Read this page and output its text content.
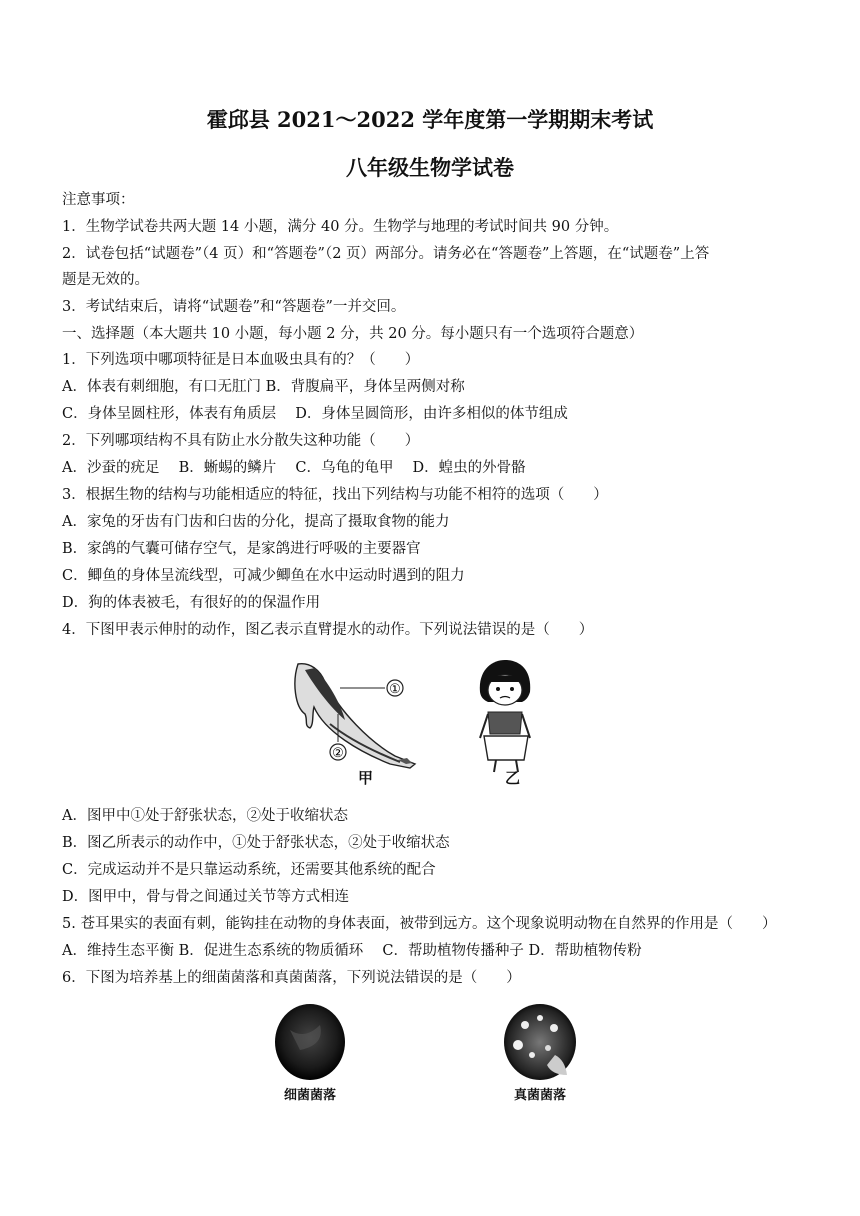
霍邱县 2021～2022 学年度第一学期期末考试
八年级生物学试卷
注意事项：
1．生物学试卷共两大题 14 小题，满分 40 分。生物学与地理的考试时间共 90 分钟。
2．试卷包括“试题卷”（4 页）和“答题卷”（2 页）两部分。请务必在“答题卷”上答题，在“试题卷”上答
题是无效的。
3．考试结束后，请将“试题卷”和“答题卷”一并交回。
一、选择题（本大题共 10 小题，每小题 2 分，共 20 分。每小题只有一个选项符合题意）
1．下列选项中哪项特征是日本血吸虫具有的？（　　）
A．体表有刺细胞，有口无肛门 B．背腹扁平，身体呈两侧对称
C．身体呈圆柱形，体表有角质层　 D．身体呈圆筒形，由许多相似的体节组成
2．下列哪项结构不具有防止水分散失这种功能（　　）
A．沙蚕的疣足　 B．蜥蜴的鳞片　 C．乌龟的龟甲　 D．蝗虫的外骨骼
3．根据生物的结构与功能相适应的特征，找出下列结构与功能不相符的选项（　　）
A．家兔的牙齿有门齿和臼齿的分化，提高了摄取食物的能力
B．家鸽的气囊可储存空气，是家鸽进行呼吸的主要器官
C．鲫鱼的身体呈流线型，可减少鲫鱼在水中运动时遇到的阻力
D．狗的体表被毛，有很好的的保温作用
4．下图甲表示伸肘的动作，图乙表示直臂提水的动作。下列说法错误的是（　　）
①
②
甲	乙
A．图甲中①处于舒张状态，②处于收缩状态
B．图乙所表示的动作中，①处于舒张状态，②处于收缩状态
C．完成运动并不是只靠运动系统，还需要其他系统的配合
D．图甲中，骨与骨之间通过关节等方式相连
5. 苍耳果实的表面有刺，能钩挂在动物的身体表面，被带到远方。这个现象说明动物在自然界的作用是（　　）
A．维持生态平衡 B．促进生态系统的物质循环　 C．帮助植物传播种子 D．帮助植物传粉
6．下图为培养基上的细菌菌落和真菌菌落，下列说法错误的是（　　）
细菌菌落	真菌菌落
